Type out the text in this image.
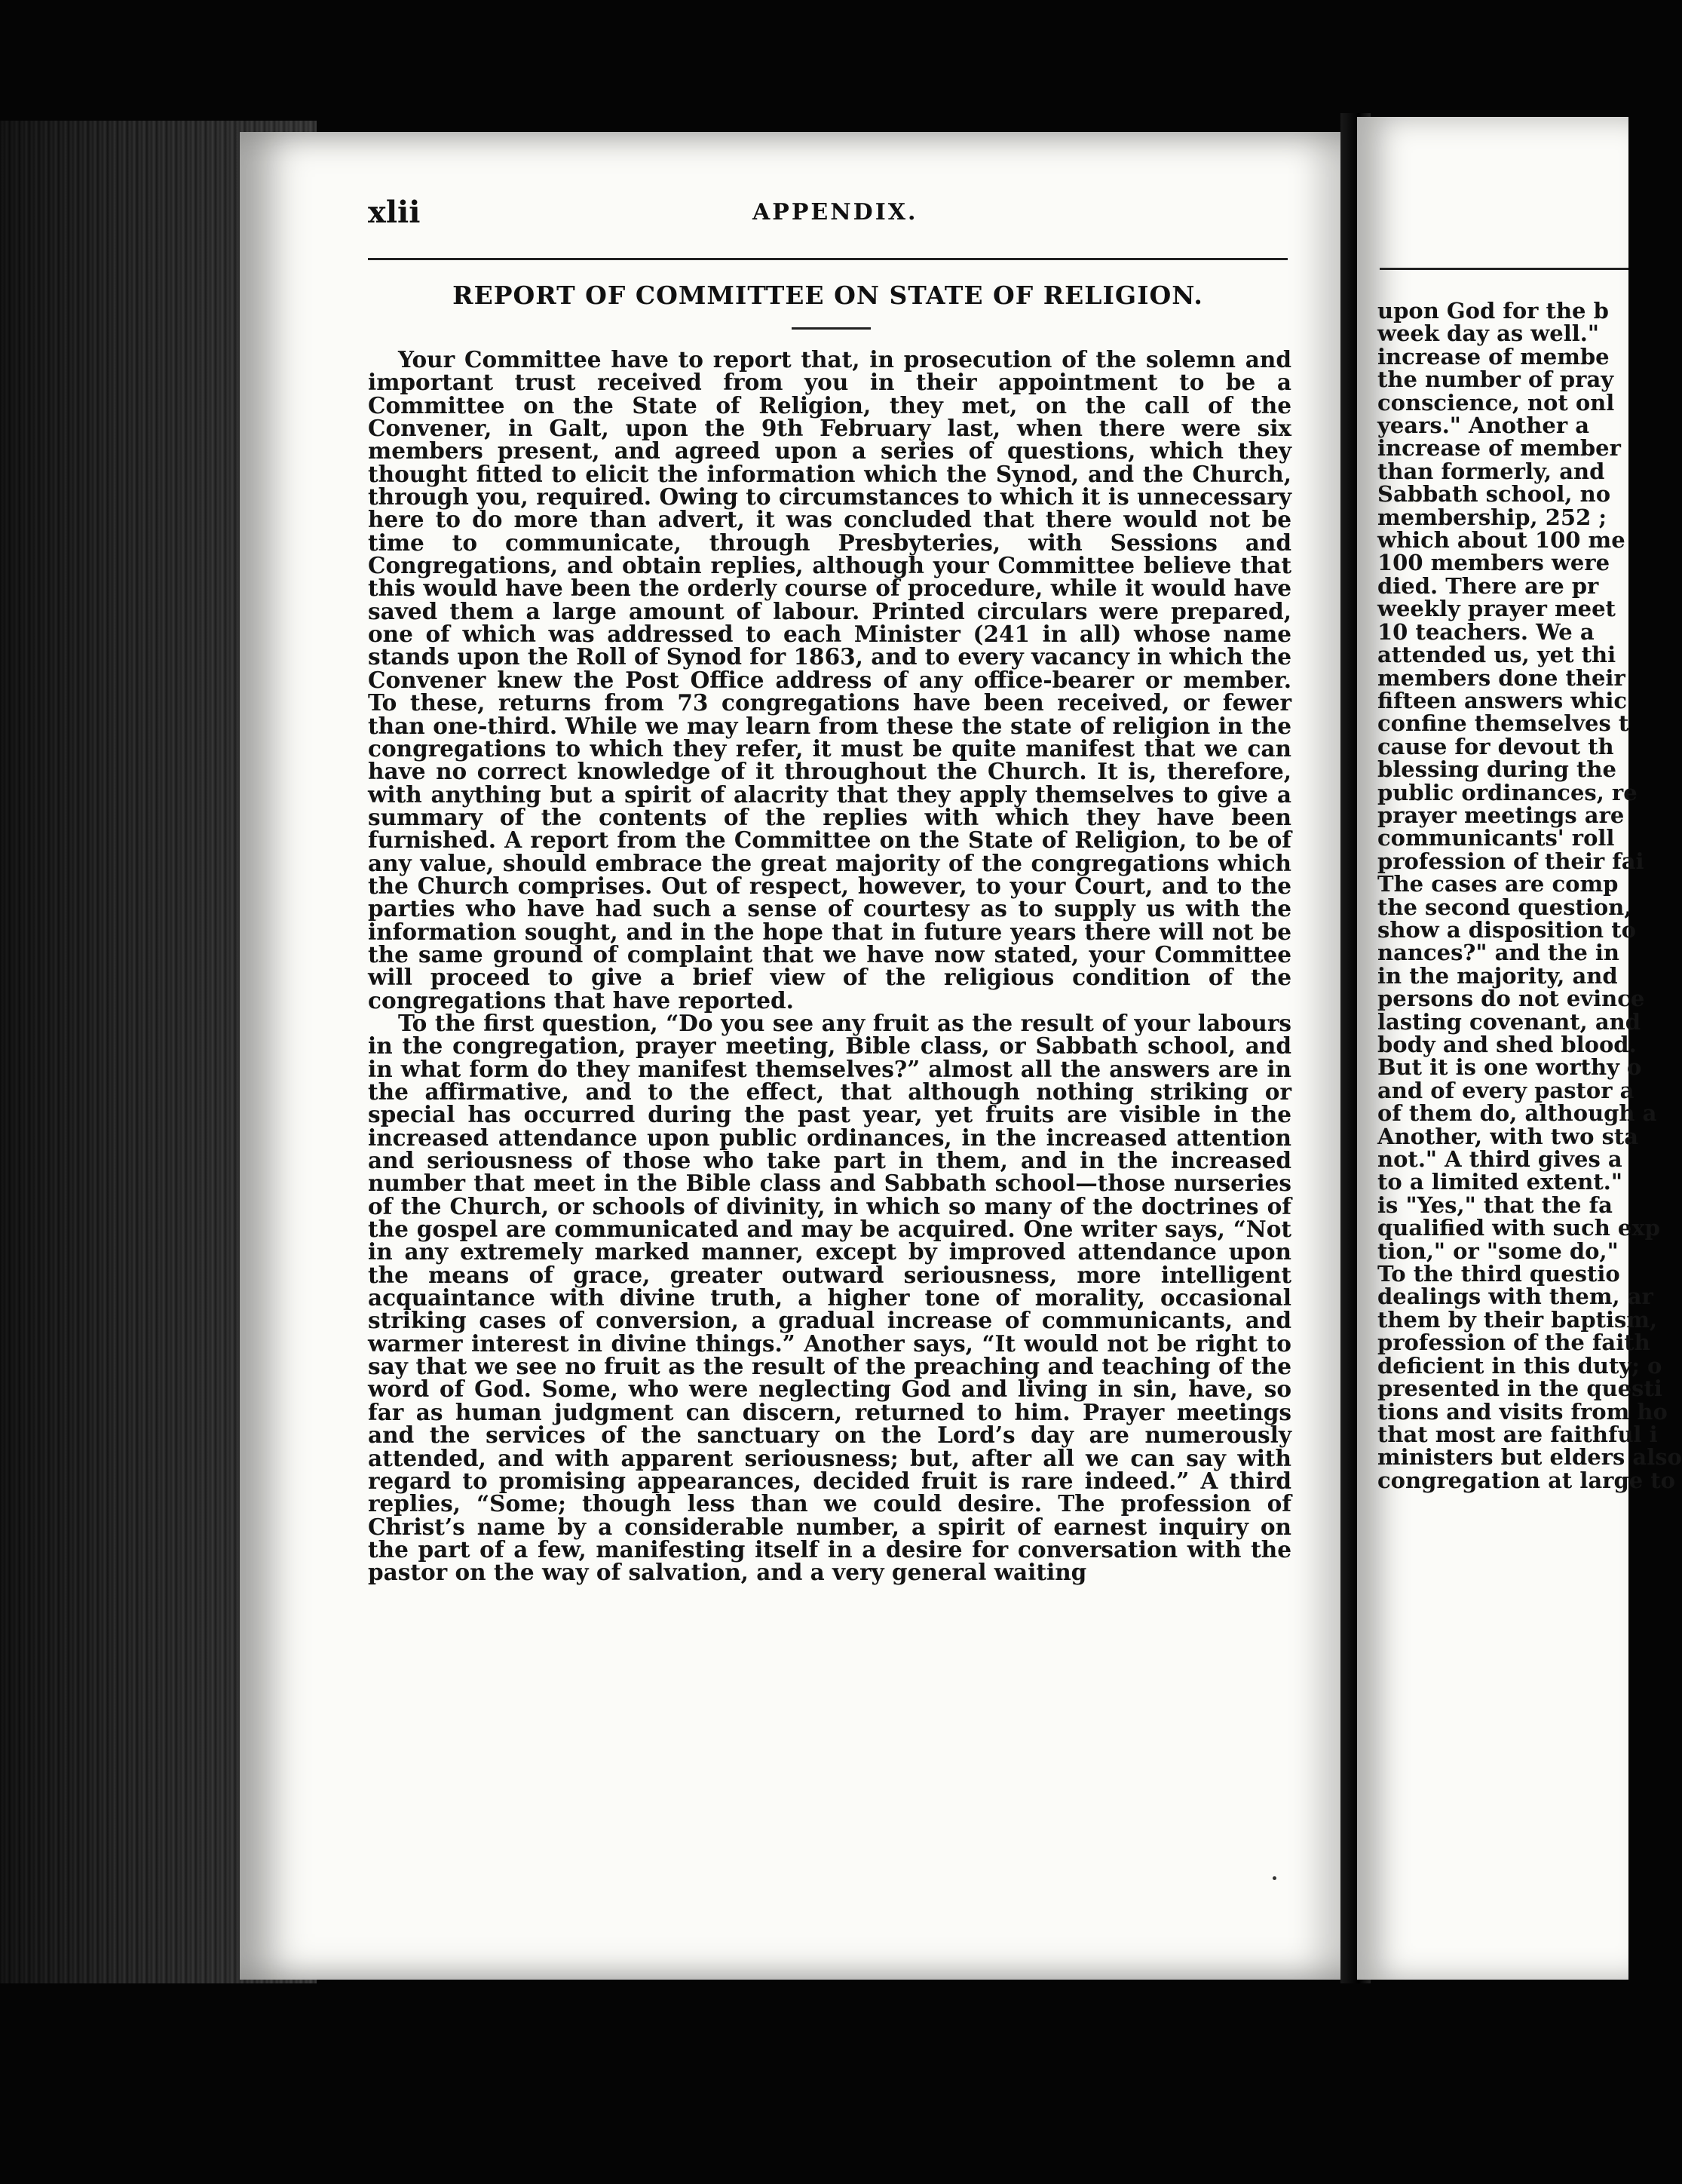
upon God for the b
week day as well."
increase of membe
the number of pray
conscience, not onl
years." Another a
increase of member
than formerly, and
Sabbath school, no
membership, 252 ;
which about 100 me
100 members were
died. There are pr
weekly prayer meet
10 teachers. We a
attended us, yet thi
members done their
fifteen answers whic
confine themselves t
cause for devout th
blessing during the
public ordinances, re
prayer meetings are
communicants' roll
profession of their fai
The cases are comp
the second question,
show a disposition to
nances?" and the in
in the majority, and
persons do not evince
lasting covenant, and
body and shed blood.
But it is one worthy o
and of every pastor a
of them do, although a
Another, with two sta
not." A third gives a
to a limited extent."
is "Yes," that the fa
qualified with such exp
tion," or "some do,"
To the third questio
dealings with them, ar
them by their baptism,
profession of the faith
deficient in this duty; o
presented in the questi
tions and visits from ho
that most are faithful i
ministers but elders also
congregation at large to
xlii	APPENDIX.
REPORT OF COMMITTEE ON STATE OF RELIGION.

Your Committee have to report that, in prosecution of the solemn and important trust received from you in their appointment to be a Committee on the State of Religion, they met, on the call of the Convener, in Galt, upon the 9th February last, when there were six members present, and agreed upon a series of questions, which they thought fitted to elicit the information which the Synod, and the Church, through you, required. Owing to circumstances to which it is unnecessary here to do more than advert, it was concluded that there would not be time to communicate, through Presbyteries, with Sessions and Congregations, and obtain replies, although your Committee believe that this would have been the orderly course of procedure, while it would have saved them a large amount of labour. Printed circulars were prepared, one of which was addressed to each Minister (241 in all) whose name stands upon the Roll of Synod for 1863, and to every vacancy in which the Convener knew the Post Office address of any office-bearer or member. To these, returns from 73 congregations have been received, or fewer than one-third. While we may learn from these the state of religion in the congregations to which they refer, it must be quite manifest that we can have no correct knowledge of it throughout the Church. It is, therefore, with anything but a spirit of alacrity that they apply themselves to give a summary of the contents of the replies with which they have been furnished. A report from the Committee on the State of Religion, to be of any value, should embrace the great majority of the congregations which the Church comprises. Out of respect, however, to your Court, and to the parties who have had such a sense of courtesy as to supply us with the information sought, and in the hope that in future years there will not be the same ground of complaint that we have now stated, your Committee will proceed to give a brief view of the religious condition of the congregations that have reported.

To the first question, “Do you see any fruit as the result of your labours in the congregation, prayer meeting, Bible class, or Sabbath school, and in what form do they manifest themselves?” almost all the answers are in the affirmative, and to the effect, that although nothing striking or special has occurred during the past year, yet fruits are visible in the increased attendance upon public ordinances, in the increased attention and seriousness of those who take part in them, and in the increased number that meet in the Bible class and Sabbath school—those nurseries of the Church, or schools of divinity, in which so many of the doctrines of the gospel are communicated and may be acquired. One writer says, “Not in any extremely marked manner, except by improved attendance upon the means of grace, greater outward seriousness, more intelligent acquaintance with divine truth, a higher tone of morality, occasional striking cases of conversion, a gradual increase of communicants, and warmer interest in divine things.” Another says, “It would not be right to say that we see no fruit as the result of the preaching and teaching of the word of God. Some, who were neglecting God and living in sin, have, so far as human judgment can discern, returned to him. Prayer meetings and the services of the sanctuary on the Lord’s day are numerously attended, and with apparent seriousness; but, after all we can say with regard to promising appearances, decided fruit is rare indeed.” A third replies, “Some; though less than we could desire. The profession of Christ’s name by a considerable number, a spirit of earnest inquiry on the part of a few, manifesting itself in a desire for conversation with the pastor on the way of salvation, and a very general waiting
